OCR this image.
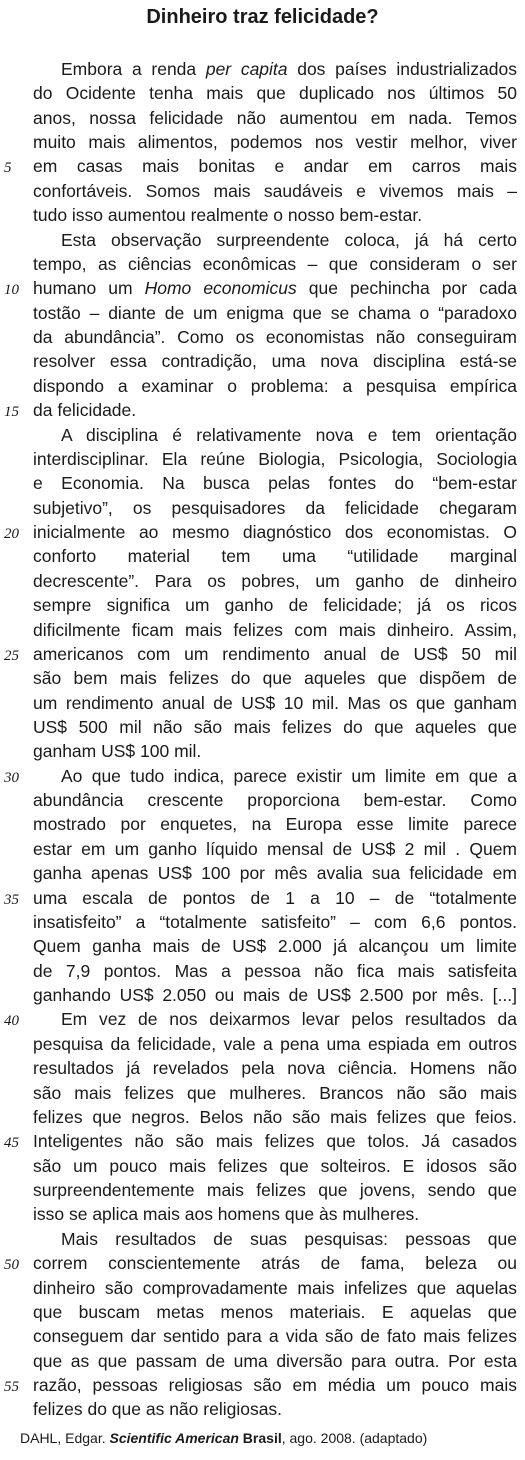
Dinheiro traz felicidade?
Embora a renda per capita dos países industrializados
do Ocidente tenha mais que duplicado nos últimos 50
anos, nossa felicidade não aumentou em nada. Temos
muito mais alimentos, podemos nos vestir melhor, viver
em casas mais bonitas e andar em carros mais
5
confortáveis. Somos mais saudáveis e vivemos mais –
tudo isso aumentou realmente o nosso bem-estar.
Esta observação surpreendente coloca, já há certo
tempo, as ciências econômicas – que consideram o ser
humano um Homo economicus que pechincha por cada
10
tostão – diante de um enigma que se chama o “paradoxo
da abundância”. Como os economistas não conseguiram
resolver essa contradição, uma nova disciplina está-se
dispondo a examinar o problema: a pesquisa empírica
da felicidade.
15
A disciplina é relativamente nova e tem orientação
interdisciplinar. Ela reúne Biologia, Psicologia, Sociologia
e Economia. Na busca pelas fontes do “bem-estar
subjetivo”, os pesquisadores da felicidade chegaram
inicialmente ao mesmo diagnóstico dos economistas. O
20
conforto material tem uma “utilidade marginal
decrescente”. Para os pobres, um ganho de dinheiro
sempre significa um ganho de felicidade; já os ricos
dificilmente ficam mais felizes com mais dinheiro. Assim,
americanos com um rendimento anual de US$ 50 mil
25
são bem mais felizes do que aqueles que dispõem de
um rendimento anual de US$ 10 mil. Mas os que ganham
US$ 500 mil não são mais felizes do que aqueles que
ganham US$ 100 mil.
Ao que tudo indica, parece existir um limite em que a
30
abundância crescente proporciona bem-estar. Como
mostrado por enquetes, na Europa esse limite parece
estar em um ganho líquido mensal de US$ 2 mil . Quem
ganha apenas US$ 100 por mês avalia sua felicidade em
uma escala de pontos de 1 a 10 – de “totalmente
35
insatisfeito” a “totalmente satisfeito” – com 6,6 pontos.
Quem ganha mais de US$ 2.000 já alcançou um limite
de 7,9 pontos. Mas a pessoa não fica mais satisfeita
ganhando US$ 2.050 ou mais de US$ 2.500 por mês. [...]
Em vez de nos deixarmos levar pelos resultados da
40
pesquisa da felicidade, vale a pena uma espiada em outros
resultados já revelados pela nova ciência. Homens não
são mais felizes que mulheres. Brancos não são mais
felizes que negros. Belos não são mais felizes que feios.
Inteligentes não são mais felizes que tolos. Já casados
45
são um pouco mais felizes que solteiros. E idosos são
surpreendentemente mais felizes que jovens, sendo que
isso se aplica mais aos homens que às mulheres.
Mais resultados de suas pesquisas: pessoas que
correm conscientemente atrás de fama, beleza ou
50
dinheiro são comprovadamente mais infelizes que aquelas
que buscam metas menos materiais. E aquelas que
conseguem dar sentido para a vida são de fato mais felizes
que as que passam de uma diversão para outra. Por esta
razão, pessoas religiosas são em média um pouco mais
55
felizes do que as não religiosas.
DAHL, Edgar. Scientific American Brasil, ago. 2008. (adaptado)
